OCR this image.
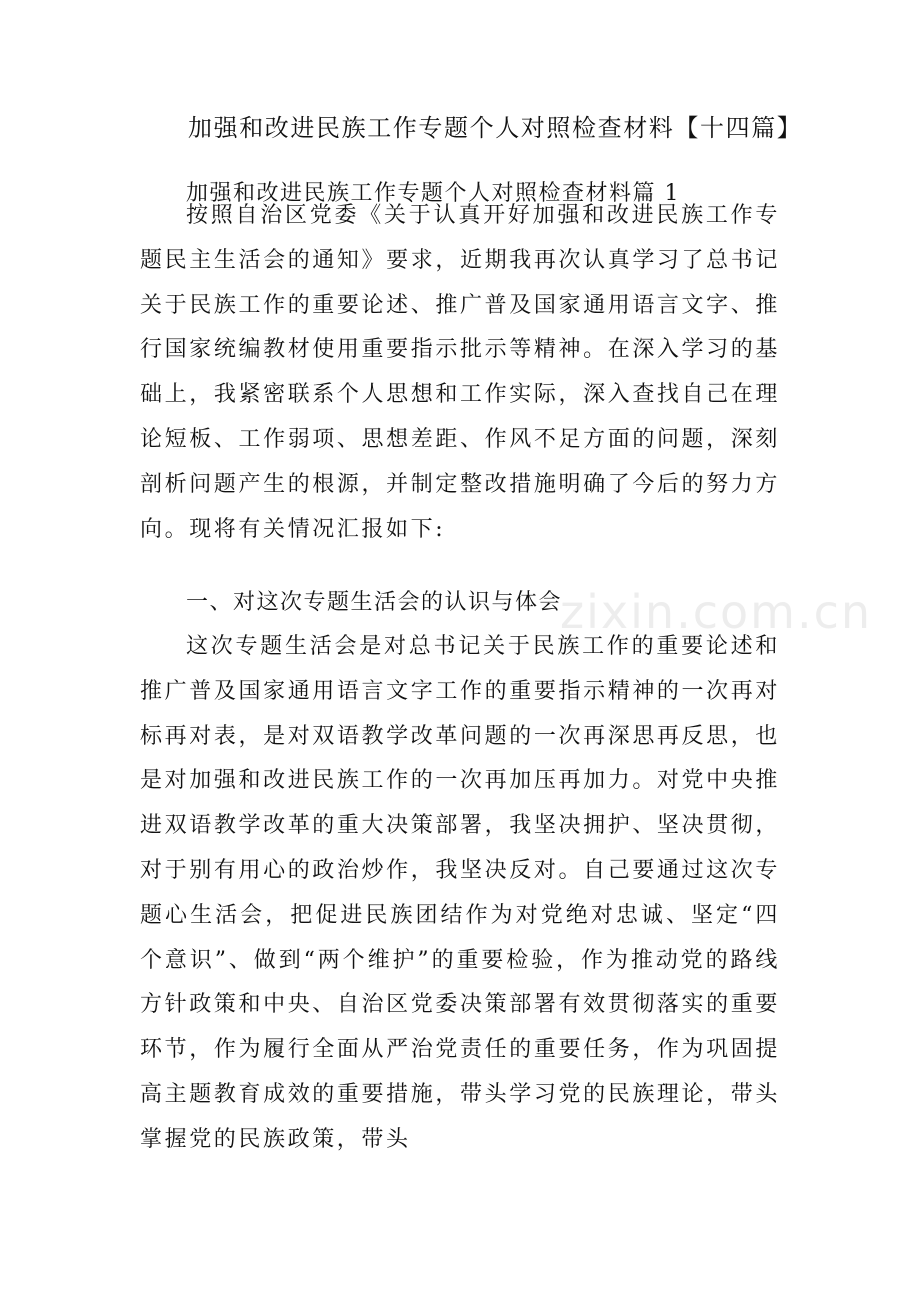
加强和改进民族工作专题个人对照检查材料【十四篇】
加强和改进民族工作专题个人对照检查材料篇 1

按照自治区党委《关于认真开好加强和改进民族工作专题民主生活会的通知》要求，近期我再次认真学习了总书记关于民族工作的重要论述、推广普及国家通用语言文字、推行国家统编教材使用重要指示批示等精神。在深入学习的基础上，我紧密联系个人思想和工作实际，深入查找自己在理论短板、工作弱项、思想差距、作风不足方面的问题，深刻剖析问题产生的根源，并制定整改措施明确了今后的努力方向。现将有关情况汇报如下:

一、对这次专题生活会的认识与体会

这次专题生活会是对总书记关于民族工作的重要论述和推广普及国家通用语言文字工作的重要指示精神的一次再对标再对表，是对双语教学改革问题的一次再深思再反思，也是对加强和改进民族工作的一次再加压再加力。对党中央推进双语教学改革的重大决策部署，我坚决拥护、坚决贯彻，对于别有用心的政治炒作，我坚决反对。自己要通过这次专题心生活会，把促进民族团结作为对党绝对忠诚、坚定“四个意识”、做到“两个维护”的重要检验，作为推动党的路线方针政策和中央、自治区党委决策部署有效贯彻落实的重要环节，作为履行全面从严治党责任的重要任务，作为巩固提高主题教育成效的重要措施，带头学习党的民族理论，带头掌握党的民族政策，带头

zixin.com.cn
